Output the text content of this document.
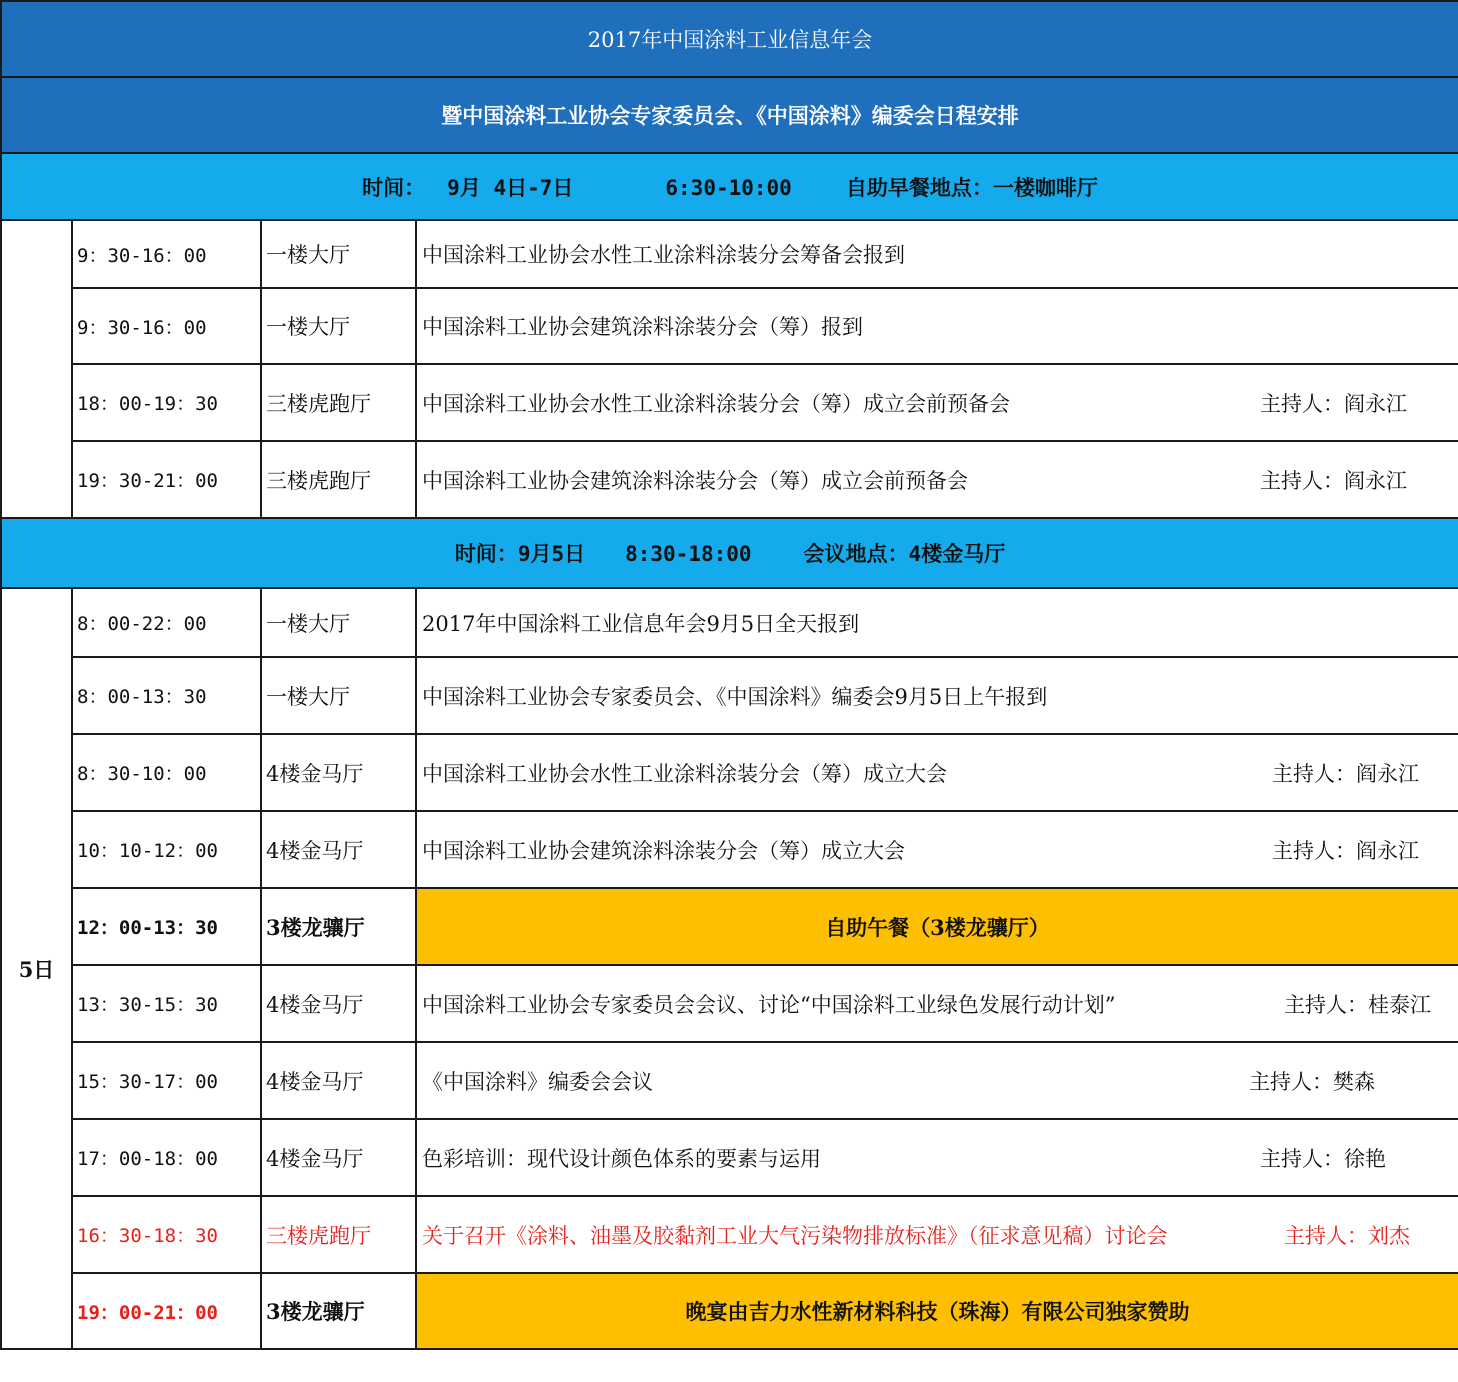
2017年中国涂料工业信息年会			
暨中国涂料工业协会专家委员会、《中国涂料》编委会日程安排			
时间： 9月 4日-7日 6:30-10:00 自助早餐地点：一楼咖啡厅			
	9：30-16：00	一楼大厅	中国涂料工业协会水性工业涂料涂装分会筹备会报到
	9：30-16：00	一楼大厅	中国涂料工业协会建筑涂料涂装分会（筹）报到
	18：00-19：30	三楼虎跑厅	中国涂料工业协会水性工业涂料涂装分会（筹）成立会前预备会 主持人：阎永江

	19：30-21：00	三楼虎跑厅	中国涂料工业协会建筑涂料涂装分会（筹）成立会前预备会 主持人：阎永江

时间：9月5日 8:30-18:00 会议地点：4楼金马厅			
5日	8：00-22：00	一楼大厅	2017年中国涂料工业信息年会9月5日全天报到
	8：00-13：30	一楼大厅	中国涂料工业协会专家委员会、《中国涂料》编委会9月5日上午报到
	8：30-10：00	4楼金马厅	中国涂料工业协会水性工业涂料涂装分会（筹）成立大会 主持人：阎永江

	10：10-12：00	4楼金马厅	中国涂料工业协会建筑涂料涂装分会（筹）成立大会 主持人：阎永江

	12：00-13：30	3楼龙骧厅	自助午餐（3楼龙骧厅）
	13：30-15：30	4楼金马厅	中国涂料工业协会专家委员会会议、讨论“中国涂料工业绿色发展行动计划” 主持人：桂泰江

	15：30-17：00	4楼金马厅	《中国涂料》编委会会议 主持人：樊森

	17：00-18：00	4楼金马厅	色彩培训：现代设计颜色体系的要素与运用 主持人：徐艳

	16：30-18：30	三楼虎跑厅	关于召开《涂料、油墨及胶黏剂工业大气污染物排放标准》（征求意见稿）讨论会 主持人：刘杰

	19：00-21：00	3楼龙骧厅	晚宴由吉力水性新材料科技（珠海）有限公司独家赞助
